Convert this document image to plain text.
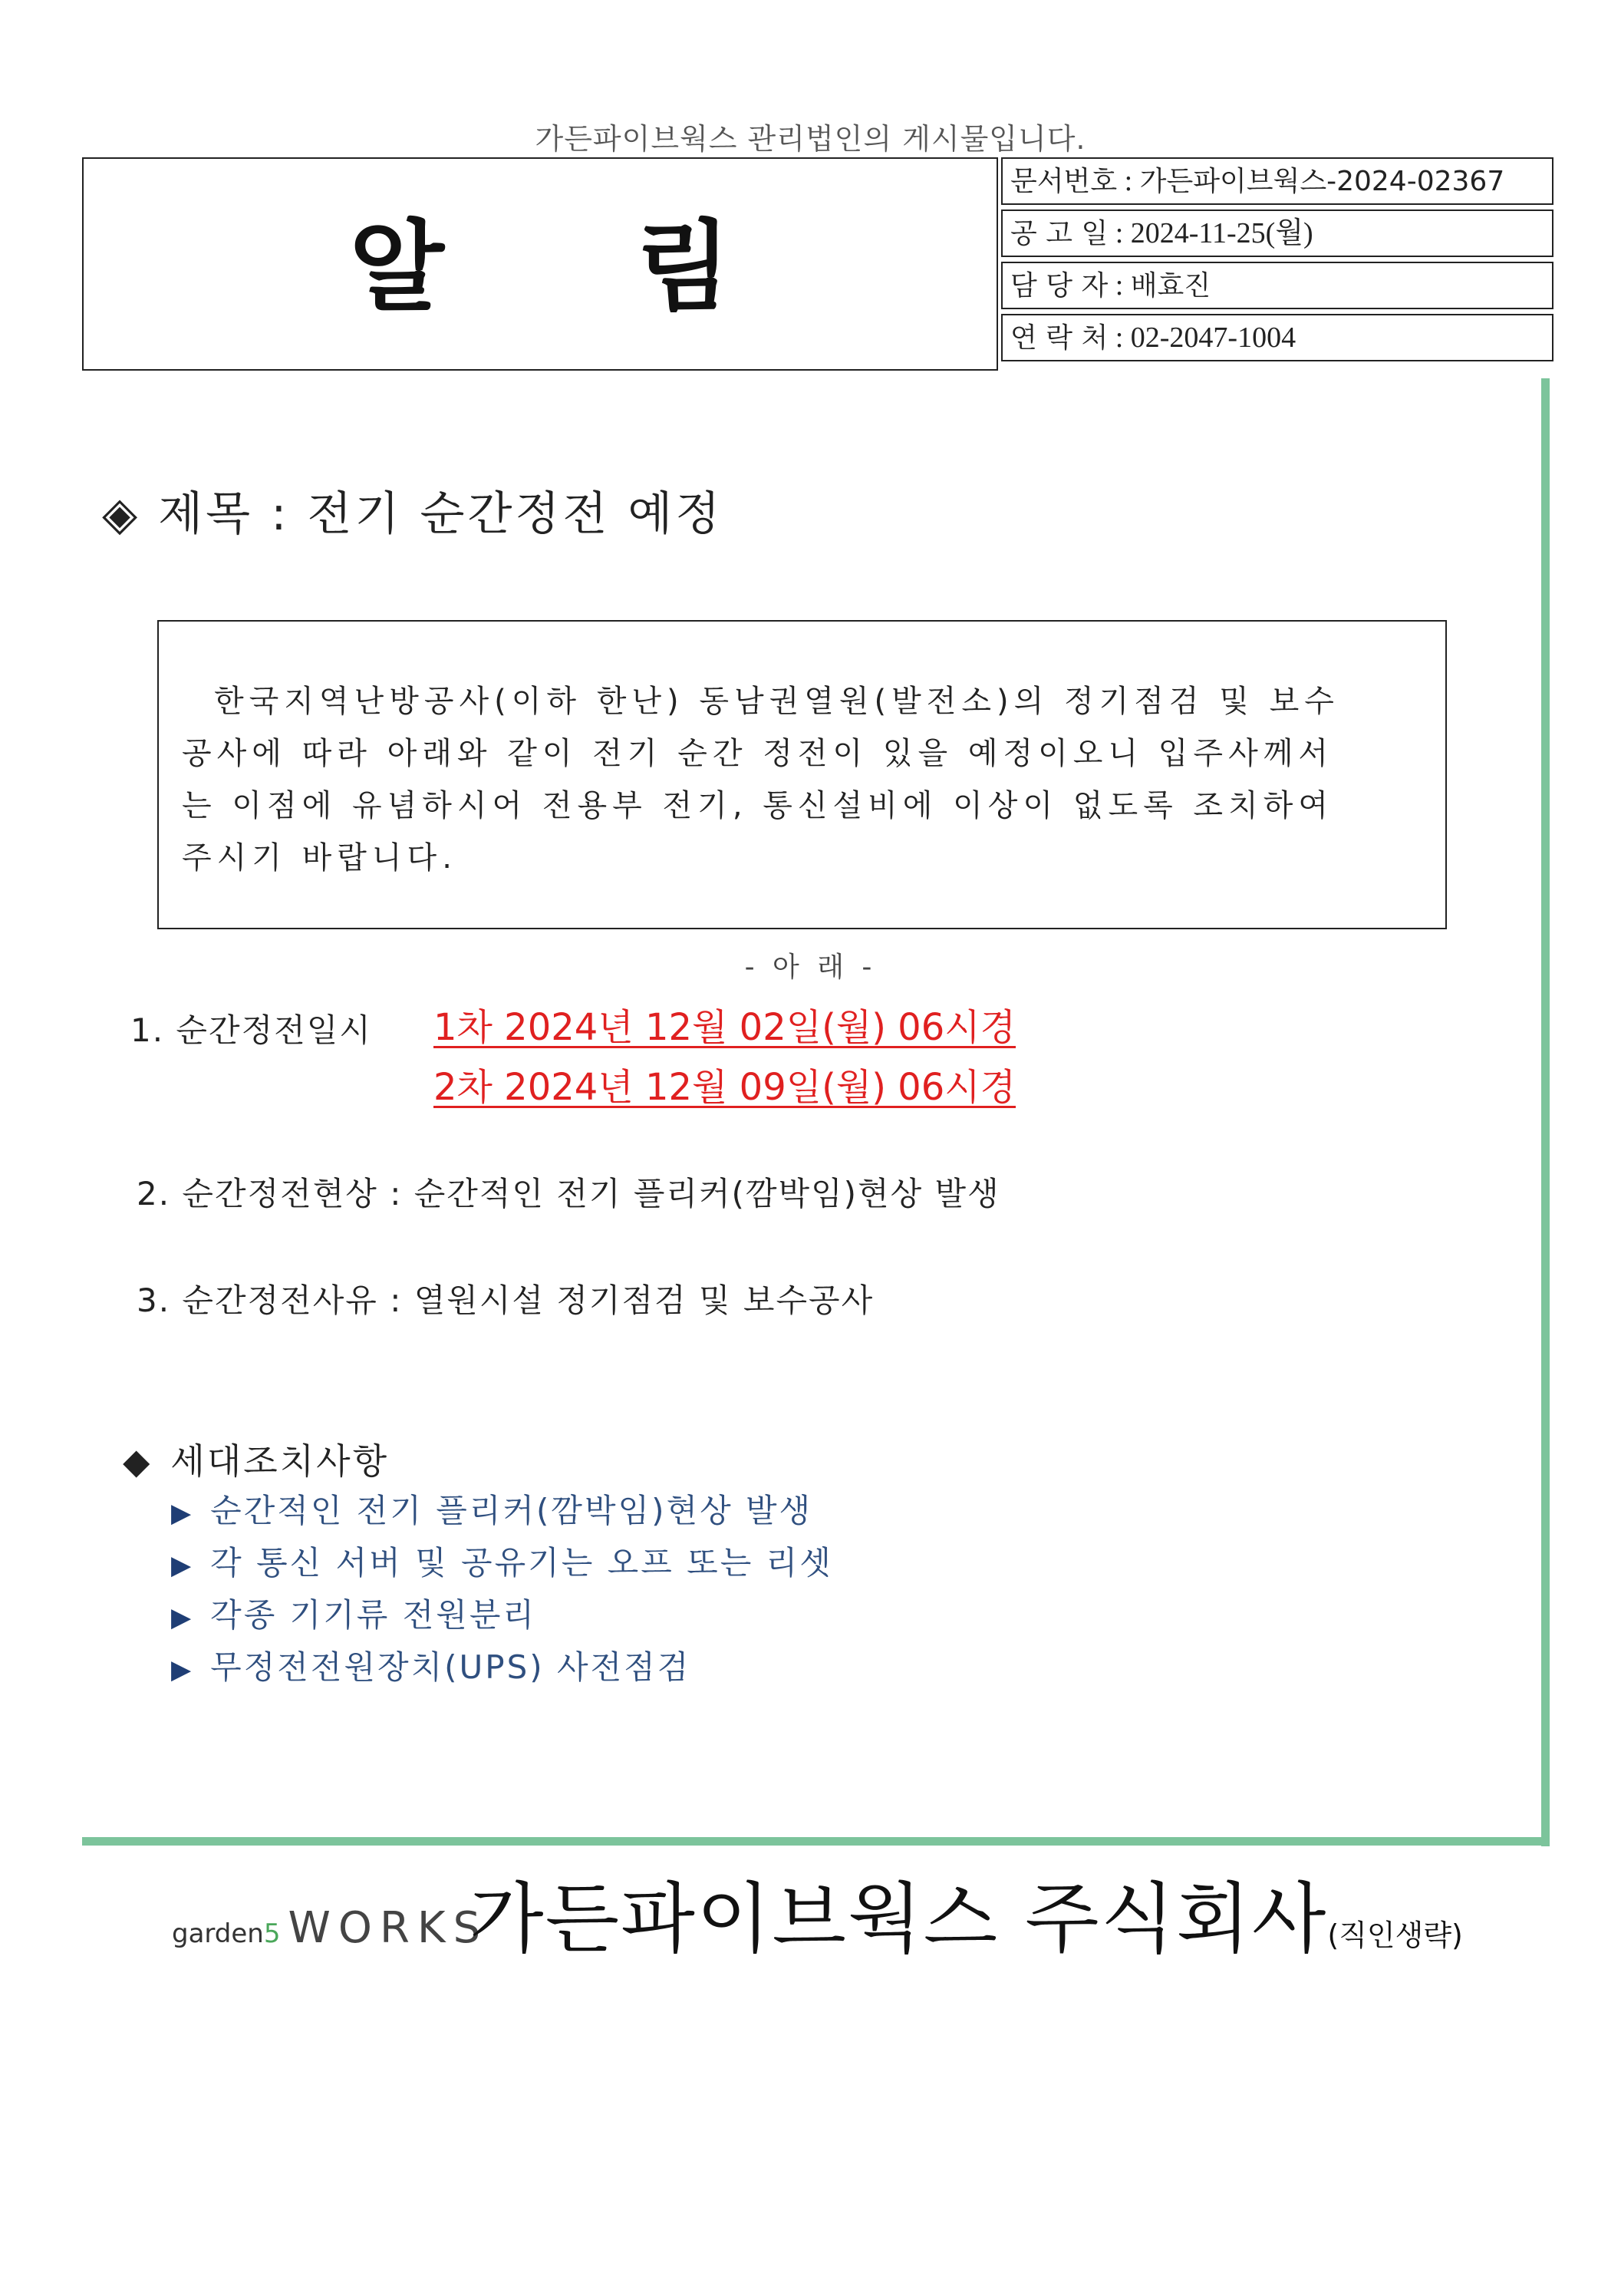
가든파이브웍스 관리법인의 게시물입니다.
알 림
문서번호 : 가든파이브웍스-2024-02367
공 고 일 : 2024-11-25(월)
담 당 자 : 배효진
연 락 처 : 02-2047-1004
◈ 제목 : 전기 순간정전 예정
한국지역난방공사(이하 한난) 동남권열원(발전소)의 정기점검 및 보수
공사에 따라 아래와 같이 전기 순간 정전이 있을 예정이오니 입주사께서
는 이점에 유념하시어 전용부 전기, 통신설비에 이상이 없도록 조치하여
주시기 바랍니다.
- 아 래 -
1. 순간정전일시 1차 2024년 12월 02일(월) 06시경
2차 2024년 12월 09일(월) 06시경
2. 순간정전현상 : 순간적인 전기 플리커(깜박임)현상 발생
3. 순간정전사유 : 열원시설 정기점검 및 보수공사
◆ 세대조치사항
▶ 순간적인 전기 플리커(깜박임)현상 발생
▶ 각 통신 서버 및 공유기는 오프 또는 리셋
▶ 각종 기기류 전원분리
▶ 무정전전원장치(UPS) 사전점검
garden5 WORKS
가든파이브웍스 주식회사(직인생략)
